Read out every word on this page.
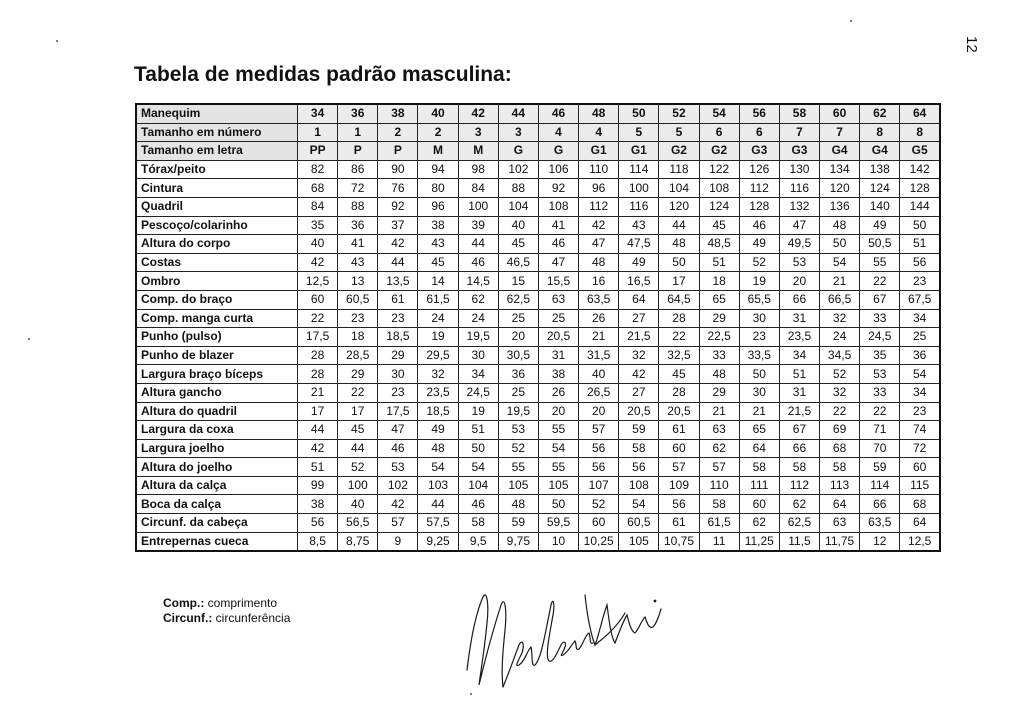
12
Tabela de medidas padrão masculina:
Manequim	34	36	38	40	42	44	46	48	50	52	54	56	58	60	62	64
Tamanho em número	1	1	2	2	3	3	4	4	5	5	6	6	7	7	8	8
Tamanho em letra	PP	P	P	M	M	G	G	G1	G1	G2	G2	G3	G3	G4	G4	G5
Tórax/peito	82	86	90	94	98	102	106	110	114	118	122	126	130	134	138	142
Cintura	68	72	76	80	84	88	92	96	100	104	108	112	116	120	124	128
Quadril	84	88	92	96	100	104	108	112	116	120	124	128	132	136	140	144
Pescoço/colarinho	35	36	37	38	39	40	41	42	43	44	45	46	47	48	49	50
Altura do corpo	40	41	42	43	44	45	46	47	47,5	48	48,5	49	49,5	50	50,5	51
Costas	42	43	44	45	46	46,5	47	48	49	50	51	52	53	54	55	56
Ombro	12,5	13	13,5	14	14,5	15	15,5	16	16,5	17	18	19	20	21	22	23
Comp. do braço	60	60,5	61	61,5	62	62,5	63	63,5	64	64,5	65	65,5	66	66,5	67	67,5
Comp. manga curta	22	23	23	24	24	25	25	26	27	28	29	30	31	32	33	34
Punho (pulso)	17,5	18	18,5	19	19,5	20	20,5	21	21,5	22	22,5	23	23,5	24	24,5	25
Punho de blazer	28	28,5	29	29,5	30	30,5	31	31,5	32	32,5	33	33,5	34	34,5	35	36
Largura braço bíceps	28	29	30	32	34	36	38	40	42	45	48	50	51	52	53	54
Altura gancho	21	22	23	23,5	24,5	25	26	26,5	27	28	29	30	31	32	33	34
Altura do quadril	17	17	17,5	18,5	19	19,5	20	20	20,5	20,5	21	21	21,5	22	22	23
Largura da coxa	44	45	47	49	51	53	55	57	59	61	63	65	67	69	71	74
Largura joelho	42	44	46	48	50	52	54	56	58	60	62	64	66	68	70	72
Altura do joelho	51	52	53	54	54	55	55	56	56	57	57	58	58	58	59	60
Altura da calça	99	100	102	103	104	105	105	107	108	109	110	111	112	113	114	115
Boca da calça	38	40	42	44	46	48	50	52	54	56	58	60	62	64	66	68
Circunf. da cabeça	56	56,5	57	57,5	58	59	59,5	60	60,5	61	61,5	62	62,5	63	63,5	64
Entrepernas cueca	8,5	8,75	9	9,25	9,5	9,75	10	10,25	105	10,75	11	11,25	11,5	11,75	12	12,5
Comp.: comprimento
Circunf.: circunferência
